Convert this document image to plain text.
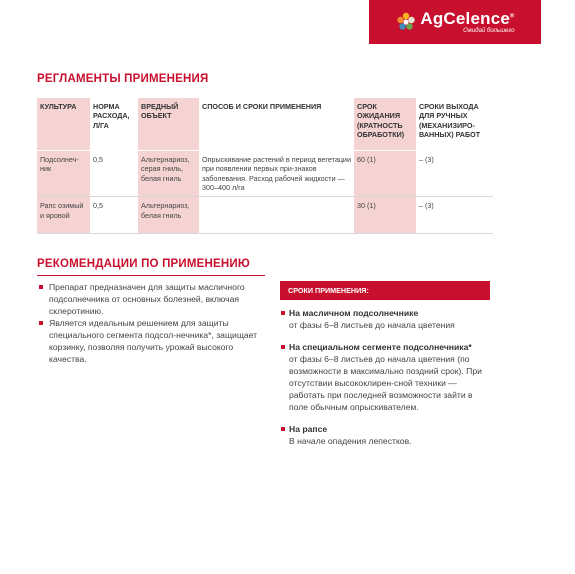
AgCelence®
Ожидай большего
РЕГЛАМЕНТЫ ПРИМЕНЕНИЯ
КУЛЬТУРА	НОРМА РАСХОДА, Л/ГА	ВРЕДНЫЙ ОБЪЕКТ	СПОСОБ И СРОКИ ПРИМЕНЕНИЯ	СРОК ОЖИДАНИЯ (КРАТНОСТЬ ОБРАБОТКИ)	СРОКИ ВЫХОДА ДЛЯ РУЧНЫХ (МЕХАНИЗИРО-ВАННЫХ) РАБОТ
Подсолнеч-ник	0,5	Альтернариоз, серая гниль, белая гниль	Опрыскивание растений в период вегетации при появлении первых при-знаков заболевания. Расход рабочей жидкости — 300–400 л/га	60 (1)	– (3)
Рапс озимый и яровой	0,5	Альтернариоз, белая гниль		30 (1)	– (3)
РЕКОМЕНДАЦИИ ПО ПРИМЕНЕНИЮ
Препарат предназначен для защиты масличного подсолнечника от основных болезней, включая склеротинию.
Является идеальным решением для защиты специального сегмента подсол-нечника*, защищает корзинку, позволяя получить урожай высокого качества.
СРОКИ ПРИМЕНЕНИЯ:
На масличном подсолнечнике
от фазы 6–8 листьев до начала цветения
На специальном сегменте подсолнечника*
от фазы 6–8 листьев до начала цветения (по возможности в максимально поздний срок). При отсутствии высококлирен-сной техники — работать при последней возможности зайти в поле обычным опрыскивателем.
На рапсе
В начале опадения лепестков.
